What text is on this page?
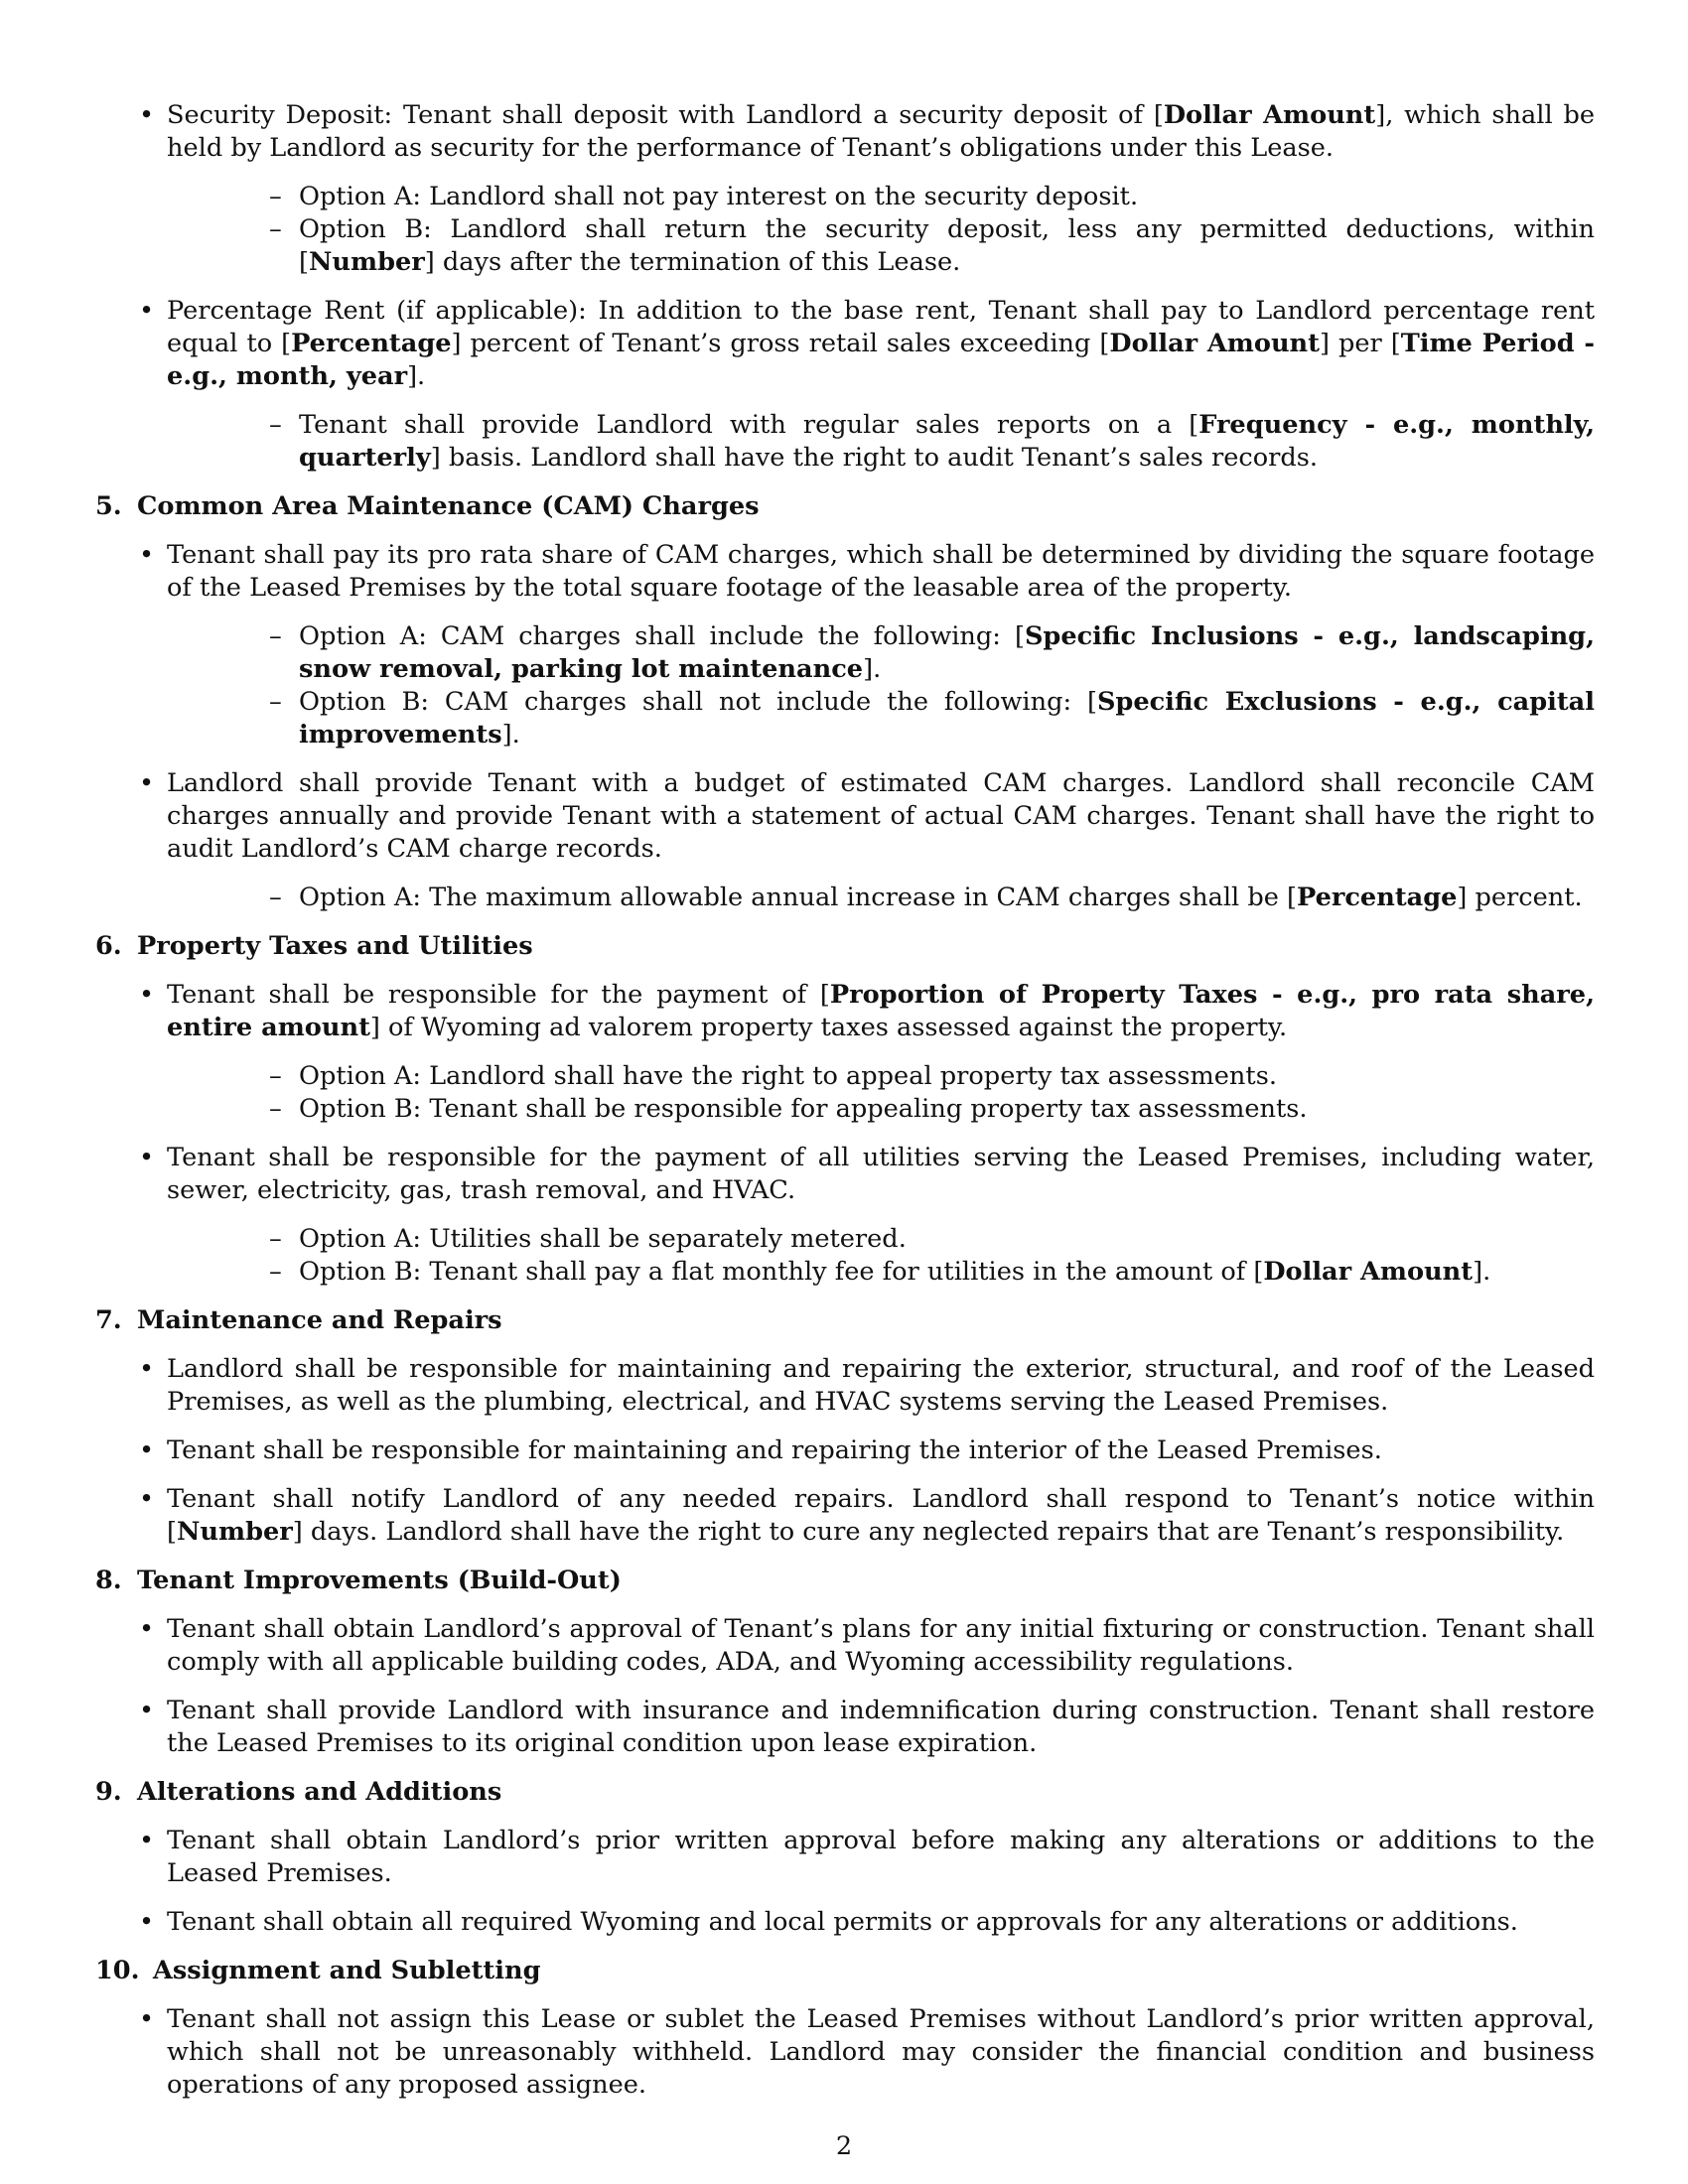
• Security Deposit: Tenant shall deposit with Landlord a security deposit of [Dollar Amount], which shall be held by Landlord as security for the performance of Tenant’s obligations under this Lease.

– Option A: Landlord shall not pay interest on the security deposit.

– Option B: Landlord shall return the security deposit, less any permitted deductions, within [Number] days after the termination of this Lease.

• Percentage Rent (if applicable): In addition to the base rent, Tenant shall pay to Landlord percentage rent equal to [Percentage] percent of Tenant’s gross retail sales exceeding [Dollar Amount] per [Time Period - e.g., month, year].

– Tenant shall provide Landlord with regular sales reports on a [Frequency - e.g., monthly, quarterly] basis. Landlord shall have the right to audit Tenant’s sales records.

5. Common Area Maintenance (CAM) Charges
• Tenant shall pay its pro rata share of CAM charges, which shall be determined by dividing the square footage of the Leased Premises by the total square footage of the leasable area of the property.

– Option A: CAM charges shall include the following: [Specific Inclusions - e.g., landscaping, snow removal, parking lot maintenance].

– Option B: CAM charges shall not include the following: [Specific Exclusions - e.g., capital improvements].

• Landlord shall provide Tenant with a budget of estimated CAM charges. Landlord shall reconcile CAM charges annually and provide Tenant with a statement of actual CAM charges. Tenant shall have the right to audit Landlord’s CAM charge records.

– Option A: The maximum allowable annual increase in CAM charges shall be [Percentage] percent.

6. Property Taxes and Utilities
• Tenant shall be responsible for the payment of [Proportion of Property Taxes - e.g., pro rata share, entire amount] of Wyoming ad valorem property taxes assessed against the property.

– Option A: Landlord shall have the right to appeal property tax assessments.

– Option B: Tenant shall be responsible for appealing property tax assessments.

• Tenant shall be responsible for the payment of all utilities serving the Leased Premises, including water, sewer, electricity, gas, trash removal, and HVAC.

– Option A: Utilities shall be separately metered.

– Option B: Tenant shall pay a flat monthly fee for utilities in the amount of [Dollar Amount].

7. Maintenance and Repairs
• Landlord shall be responsible for maintaining and repairing the exterior, structural, and roof of the Leased Premises, as well as the plumbing, electrical, and HVAC systems serving the Leased Premises.
• Tenant shall be responsible for maintaining and repairing the interior of the Leased Premises.
• Tenant shall notify Landlord of any needed repairs. Landlord shall respond to Tenant’s notice within [Number] days. Landlord shall have the right to cure any neglected repairs that are Tenant’s responsibility.
8. Tenant Improvements (Build-Out)
• Tenant shall obtain Landlord’s approval of Tenant’s plans for any initial fixturing or construction. Tenant shall comply with all applicable building codes, ADA, and Wyoming accessibility regulations.
• Tenant shall provide Landlord with insurance and indemnification during construction. Tenant shall restore the Leased Premises to its original condition upon lease expiration.
9. Alterations and Additions
• Tenant shall obtain Landlord’s prior written approval before making any alterations or additions to the Leased Premises.
• Tenant shall obtain all required Wyoming and local permits or approvals for any alterations or additions.
10. Assignment and Subletting
• Tenant shall not assign this Lease or sublet the Leased Premises without Landlord’s prior written approval, which shall not be unreasonably withheld. Landlord may consider the financial condition and business operations of any proposed assignee.
2
